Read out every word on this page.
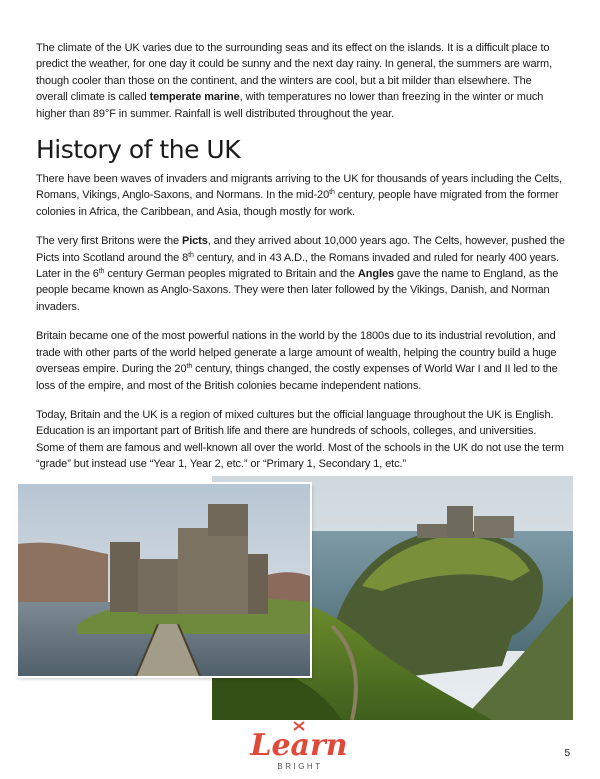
The climate of the UK varies due to the surrounding seas and its effect on the islands. It is a difficult place to predict the weather, for one day it could be sunny and the next day rainy. In general, the summers are warm, though cooler than those on the continent, and the winters are cool, but a bit milder than elsewhere. The overall climate is called temperate marine, with temperatures no lower than freezing in the winter or much higher than 89°F in summer. Rainfall is well distributed throughout the year.

History of the UK

There have been waves of invaders and migrants arriving to the UK for thousands of years including the Celts, Romans, Vikings, Anglo-Saxons, and Normans. In the mid-20th century, people have migrated from the former colonies in Africa, the Caribbean, and Asia, though mostly for work.

The very first Britons were the Picts, and they arrived about 10,000 years ago. The Celts, however, pushed the Picts into Scotland around the 8th century, and in 43 A.D., the Romans invaded and ruled for nearly 400 years. Later in the 6th century German peoples migrated to Britain and the Angles gave the name to England, as the people became known as Anglo-Saxons. They were then later followed by the Vikings, Danish, and Norman invaders.

Britain became one of the most powerful nations in the world by the 1800s due to its industrial revolution, and trade with other parts of the world helped generate a large amount of wealth, helping the country build a huge overseas empire. During the 20th century, things changed, the costly expenses of World War I and II led to the loss of the empire, and most of the British colonies became independent nations.

Today, Britain and the UK is a region of mixed cultures but the official language throughout the UK is English. Education is an important part of British life and there are hundreds of schools, colleges, and universities. Some of them are famous and well-known all over the world. Most of the schools in the UK do not use the term “grade” but instead use “Year 1, Year 2, etc.” or “Primary 1, Secondary 1, etc.”

Learn
BRIGHT
5
